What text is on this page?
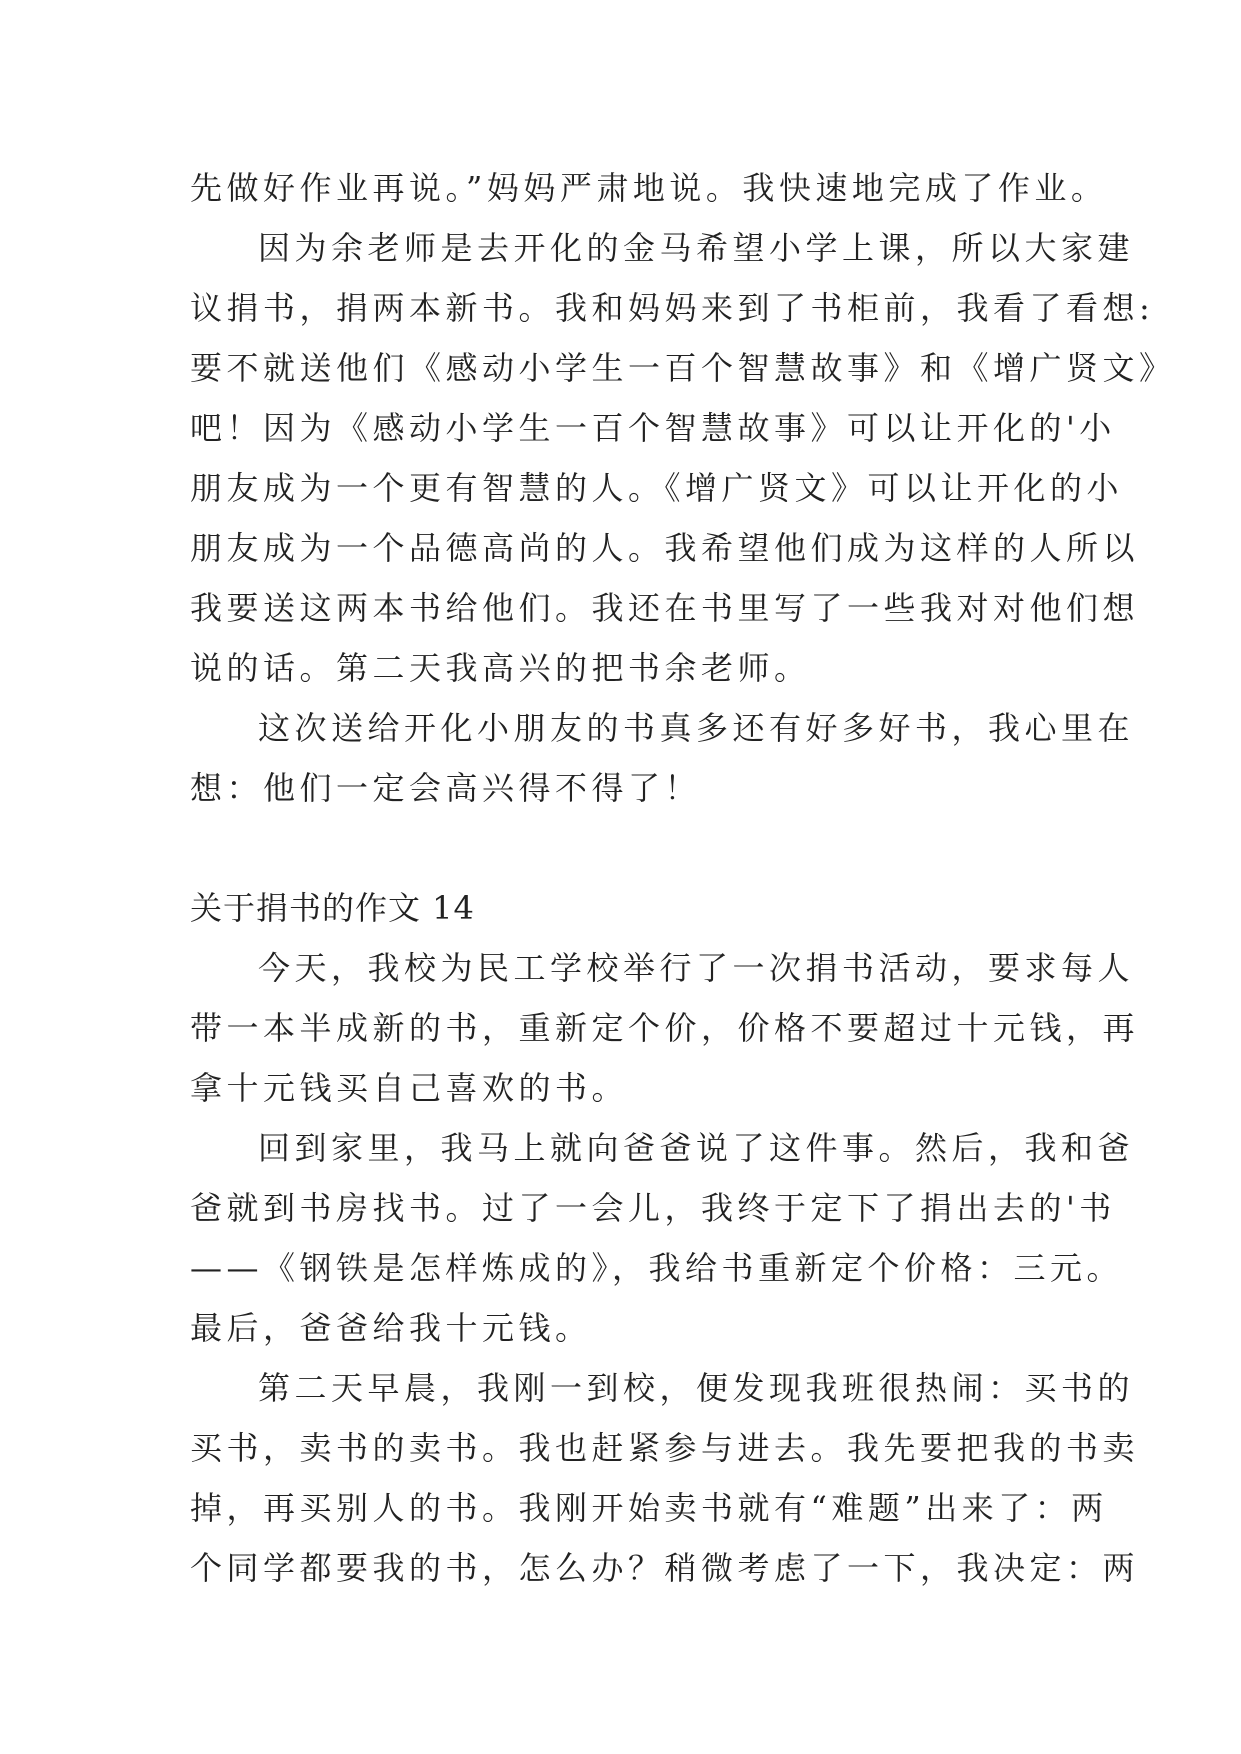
先做好作业再说。”妈妈严肃地说。我快速地完成了作业。
因为余老师是去开化的金马希望小学上课，所以大家建
议捐书，捐两本新书。我和妈妈来到了书柜前，我看了看想:
要不就送他们《感动小学生一百个智慧故事》和《增广贤文》
吧！因为《感动小学生一百个智慧故事》可以让开化的'小
朋友成为一个更有智慧的人。《增广贤文》可以让开化的小
朋友成为一个品德高尚的人。我希望他们成为这样的人所以
我要送这两本书给他们。我还在书里写了一些我对对他们想
说的话。第二天我高兴的把书余老师。
这次送给开化小朋友的书真多还有好多好书，我心里在
想：他们一定会高兴得不得了！
关于捐书的作文 14
今天，我校为民工学校举行了一次捐书活动，要求每人
带一本半成新的书，重新定个价，价格不要超过十元钱，再
拿十元钱买自己喜欢的书。
回到家里，我马上就向爸爸说了这件事。然后，我和爸
爸就到书房找书。过了一会儿，我终于定下了捐出去的'书
——《钢铁是怎样炼成的》，我给书重新定个价格：三元。
最后，爸爸给我十元钱。
第二天早晨，我刚一到校，便发现我班很热闹：买书的
买书，卖书的卖书。我也赶紧参与进去。我先要把我的书卖
掉，再买别人的书。我刚开始卖书就有“难题”出来了：两
个同学都要我的书，怎么办？稍微考虑了一下，我决定：两
